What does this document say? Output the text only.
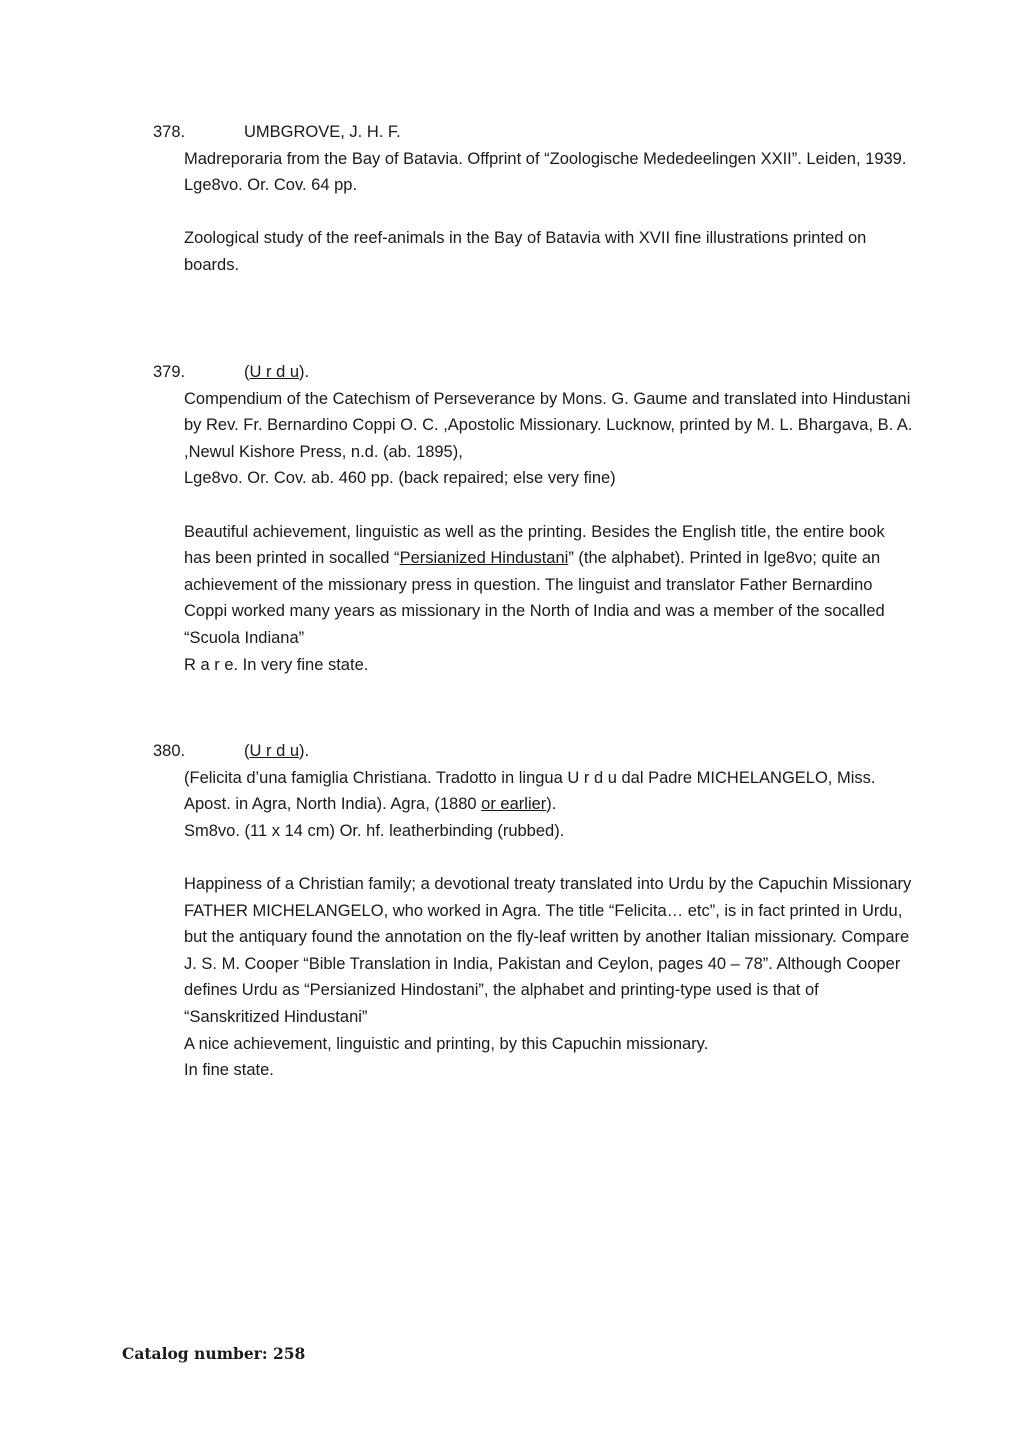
378.	UMBGROVE, J. H. F.
Madreporaria from the Bay of Batavia. Offprint of “Zoologische Mededeelingen XXII”. Leiden, 1939.
Lge8vo. Or. Cov. 64 pp.
Zoological study of the reef-animals in the Bay of Batavia with XVII fine illustrations printed on boards.
379.	(U r d u).
Compendium of the Catechism of Perseverance by Mons. G. Gaume and translated into Hindustani by Rev. Fr. Bernardino Coppi O. C. ,Apostolic Missionary. Lucknow, printed by M. L. Bhargava, B. A. ,Newul Kishore Press, n.d. (ab. 1895),
Lge8vo. Or. Cov. ab. 460 pp. (back repaired; else very fine)
Beautiful achievement, linguistic as well as the printing. Besides the English title, the entire book has been printed in socalled “Persianized Hindustani” (the alphabet). Printed in lge8vo; quite an achievement of the missionary press in question. The linguist and translator Father Bernardino Coppi worked many years as missionary in the North of India and was a member of the socalled “Scuola Indiana”
R a r e. In very fine state.
380.	(U r d u).
(Felicita d’una famiglia Christiana. Tradotto in lingua U r d u dal Padre MICHELANGELO, Miss. Apost. in Agra, North India). Agra, (1880 or earlier).
Sm8vo. (11 x 14 cm) Or. hf. leatherbinding (rubbed).
Happiness of a Christian family; a devotional treaty translated into Urdu by the Capuchin Missionary FATHER MICHELANGELO, who worked in Agra. The title “Felicita… etc”, is in fact printed in Urdu, but the antiquary found the annotation on the fly-leaf written by another Italian missionary. Compare J. S. M. Cooper “Bible Translation in India, Pakistan and Ceylon, pages 40 – 78”. Although Cooper defines Urdu as “Persianized Hindostani”, the alphabet and printing-type used is that of “Sanskritized Hindustani”
A nice achievement, linguistic and printing, by this Capuchin missionary.
In fine state.
Catalog number: 258
